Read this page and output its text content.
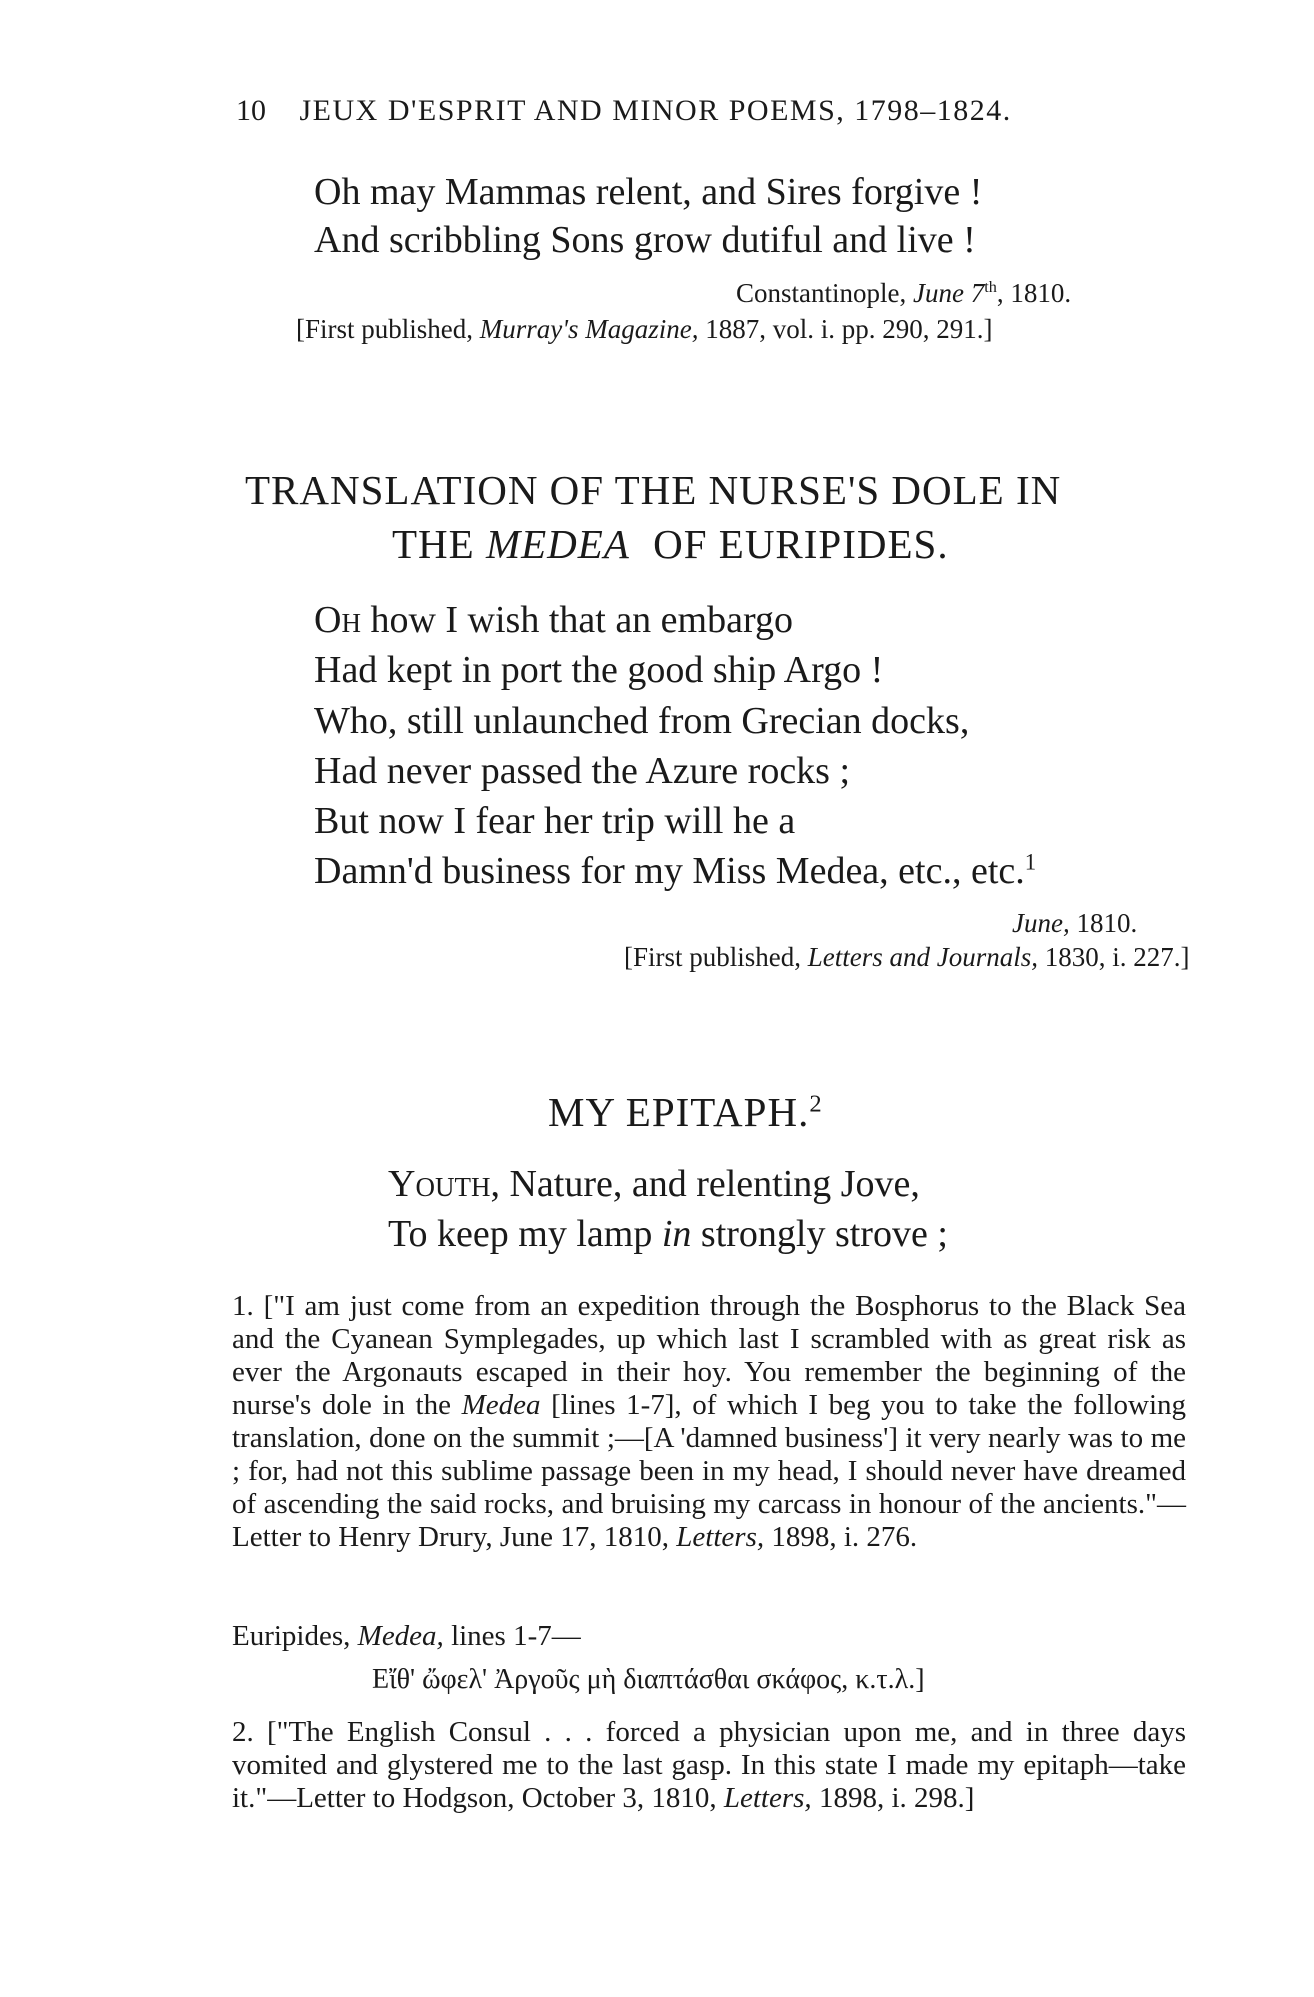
10 JEUX D'ESPRIT AND MINOR POEMS, 1798–1824.
Oh may Mammas relent, and Sires forgive !
And scribbling Sons grow dutiful and live !
Constantinople, June 7th, 1810.
[First published, Murray's Magazine, 1887, vol. i. pp. 290, 291.]
TRANSLATION OF THE NURSE'S DOLE IN
THE MEDEA OF EURIPIDES.
Oh how I wish that an embargo
Had kept in port the good ship Argo !
Who, still unlaunched from Grecian docks,
Had never passed the Azure rocks ;
But now I fear her trip will he a
Damn'd business for my Miss Medea, etc., etc.$^1$
June, 1810.
[First published, Letters and Journals, 1830, i. 227.]
MY EPITAPH.$^2$
Youth, Nature, and relenting Jove,
To keep my lamp in strongly strove ;

1. ["I am just come from an expedition through the Bosphorus to the Black Sea and the Cyanean Symplegades, up which last I scrambled with as great risk as ever the Argonauts escaped in their hoy. You remember the beginning of the nurse's dole in the Medea [lines 1-7], of which I beg you to take the following translation, done on the summit ;—[A 'damned business'] it very nearly was to me ; for, had not this sublime passage been in my head, I should never have dreamed of ascending the said rocks, and bruising my carcass in honour of the ancients."—Letter to Henry Drury, June 17, 1810, Letters, 1898, i. 276.

Euripides, Medea, lines 1-7—
Εἴθ' ὤφελ' Ἀργοῦς μὴ διαπτάσθαι σκάφος, κ.τ.λ.]

2. ["The English Consul . . . forced a physician upon me, and in three days vomited and glystered me to the last gasp. In this state I made my epitaph—take it."—Letter to Hodgson, October 3, 1810, Letters, 1898, i. 298.]
